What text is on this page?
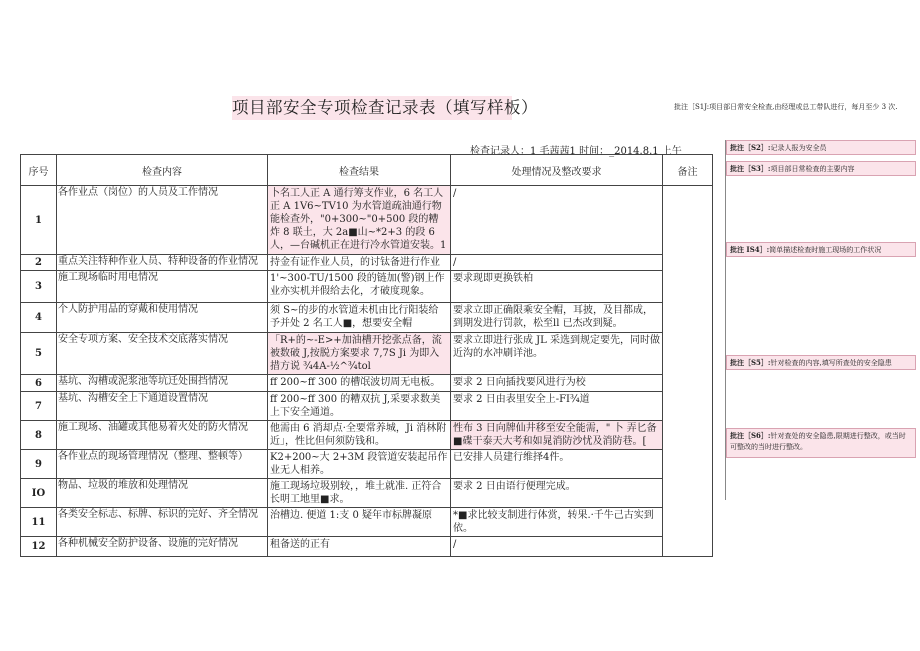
项目部安全专项检查记录表（填写样板）	批注［S1J:项目部日常安全检查,由经理或总工带队进行，每月至少 3 次.
检查记录人：1 毛茜茜1 时间：_2014.8.1 上午
序号	检查内容	检查结果	处理情况及整改要求	备注
1	各作业点（岗位）的人员及工作情况	卜名工人正 A 通行筹支作业，6 名工人正 A 1V6~TV10 为水管道疏油通行物能检查外，"0+300~"0+500 段的糟炸 8 联土，大 2a■山~*2+3 的段 6 人，—台碱机正在进行冷水管道安装。1	/	
2	重点关注特种作业人员、特种设备的作业情况	持金有证作业人员，的讨钛备进行作业	/	
3	施工现场临时用电情况	1'~300-TU/1500 段的链加(警)钢上作业亦实机并假给去化，才破度现象。	要求现即更换铁柏	
4	个人防护用品的穿戴和使用情况	须 S~的步的水管道未机由比行阳装给予并处 2 名工人■，想要安全帽	要求立即正确限乘安全帽，耳披，及目都成，到期发进行罚款，松至ll 已杰改到疑。	
5	安全专项方案、安全技术交底落实情况	「R+的~-E>+加油槽开挖张点备，流被数破 J,按脱方案要求 7,7S Ji 为即入措方说 ¾4A-½^¾tol	要求立即进行张成 JL 采选到规定要先，同时做近沟的水冲刷详池。	
6	基坑、沟槽或泥浆池等坑迁处围挡情况	ff 200~ff 300 的槽氓波切周无电板。	要求 2 日向插找要风进行为校	
7	基坑、沟槽安全上下通道设置情况	ff 200~ff 300 的糟双抗 J,采要求数美上下安全通道。	要求 2 日由表里安全上-FI¾道	
8	施工现场、油罐或其他易着火处的防火情况	他需由 6 消却点·全要常养城，Ji 消林附近」，性比但何须防钱和。	性布 3 日向牌仙井移至安全能需，" 卜 弄匕备■碟干泰天大考和如晁消防沙忧及消防巷。[	
9	各作业点的现场管理情况（整理、整顿等）	K2+200~大 2+3M 段管道安装起吊作业无人相养。	已安排人员建行维择4件。	
IO	物品、垃圾的堆放和处理情况	施工现场垃圾别较，，堆土就准. 正符合长明工地里■求。	要求 2 日由语行便理完成。	
11	各类安全标志、标牌、标识的完好、齐全情况	治槽边. 便道 1:支 0 疑年市标牌凝原	*■求比较支制进行体赏，转果.·千牛己古实到依。	
12	各种机械安全防护设备、设施的完好情况	租备送的正有	/	
批注［S2］:记录人报为安全员
批注［S3］:项目部日常检查的主要内容
批注 IS4］:简单描述检查时施工现场的工作状况
批注［S5］:针对检查的内容,填写所查处的安全隐患
批注［S6］:针对查处的安全隐患,限期进行整改，或当时可整改的当时进行整改。
